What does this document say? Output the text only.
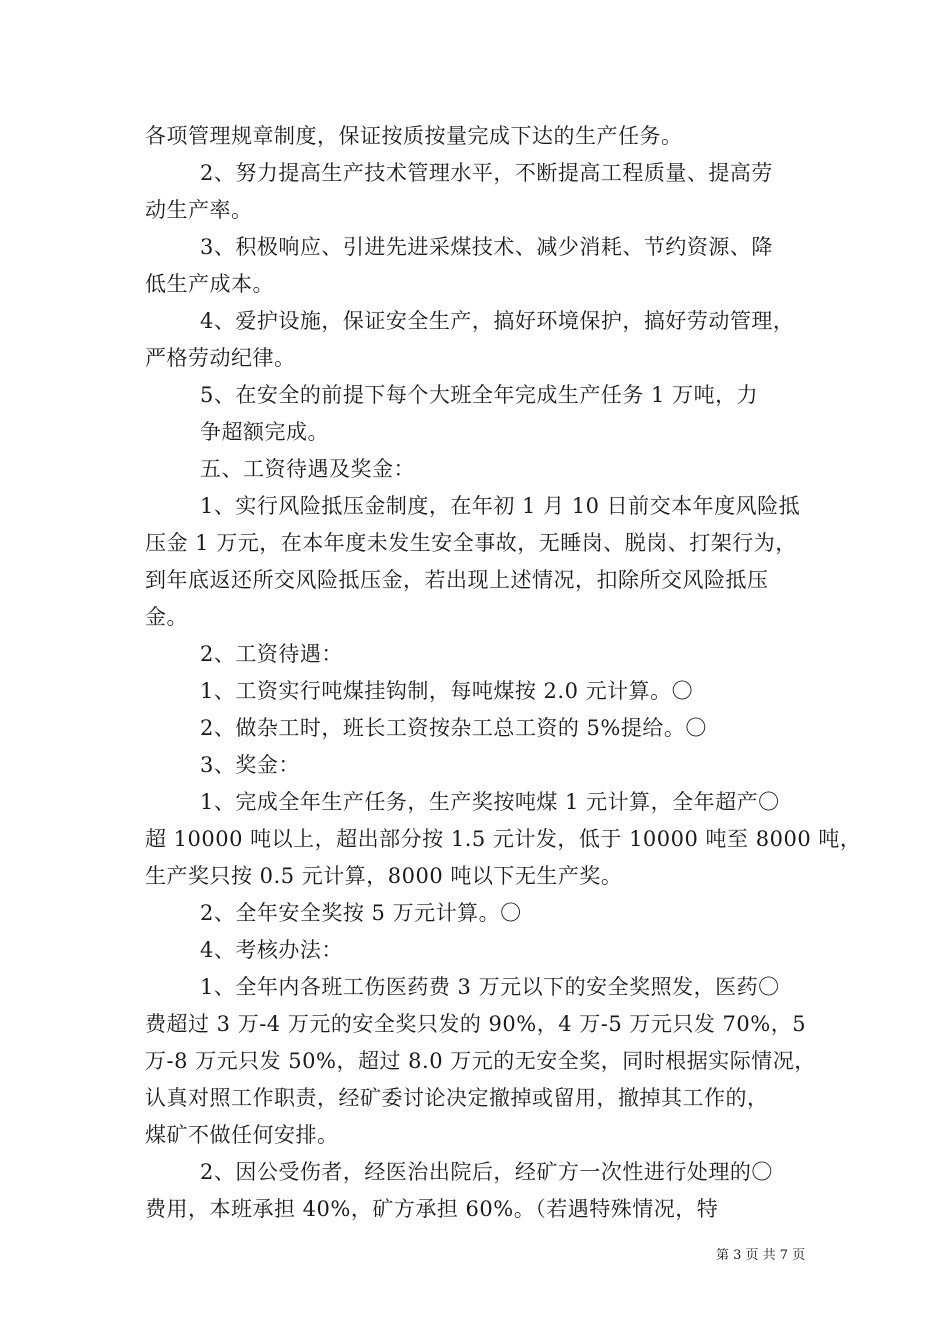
各项管理规章制度，保证按质按量完成下达的生产任务。
2、努力提高生产技术管理水平，不断提高工程质量、提高劳
动生产率。
3、积极响应、引进先进采煤技术、减少消耗、节约资源、降
低生产成本。
4、爱护设施，保证安全生产，搞好环境保护，搞好劳动管理，
严格劳动纪律。
5、在安全的前提下每个大班全年完成生产任务 1 万吨，力
争超额完成。
五、工资待遇及奖金：
1、实行风险抵压金制度，在年初 1 月 10 日前交本年度风险抵
压金 1 万元，在本年度未发生安全事故，无睡岗、脱岗、打架行为，
到年底返还所交风险抵压金，若出现上述情况，扣除所交风险抵压
金。
2、工资待遇：
1、工资实行吨煤挂钩制，每吨煤按 2.0 元计算。〇
2、做杂工时，班长工资按杂工总工资的 5%提给。〇
3、奖金：
1、完成全年生产任务，生产奖按吨煤 1 元计算，全年超产〇
超 10000 吨以上，超出部分按 1.5 元计发，低于 10000 吨至 8000 吨，
生产奖只按 0.5 元计算，8000 吨以下无生产奖。
2、全年安全奖按 5 万元计算。〇
4、考核办法：
1、全年内各班工伤医药费 3 万元以下的安全奖照发，医药〇
费超过 3 万-4 万元的安全奖只发的 90%，4 万-5 万元只发 70%，5
万-8 万元只发 50%，超过 8.0 万元的无安全奖，同时根据实际情况，
认真对照工作职责，经矿委讨论决定撤掉或留用，撤掉其工作的，
煤矿不做任何安排。
2、因公受伤者，经医治出院后，经矿方一次性进行处理的〇
费用，本班承担 40%，矿方承担 60%。（若遇特殊情况，特
第 3 页 共 7 页
